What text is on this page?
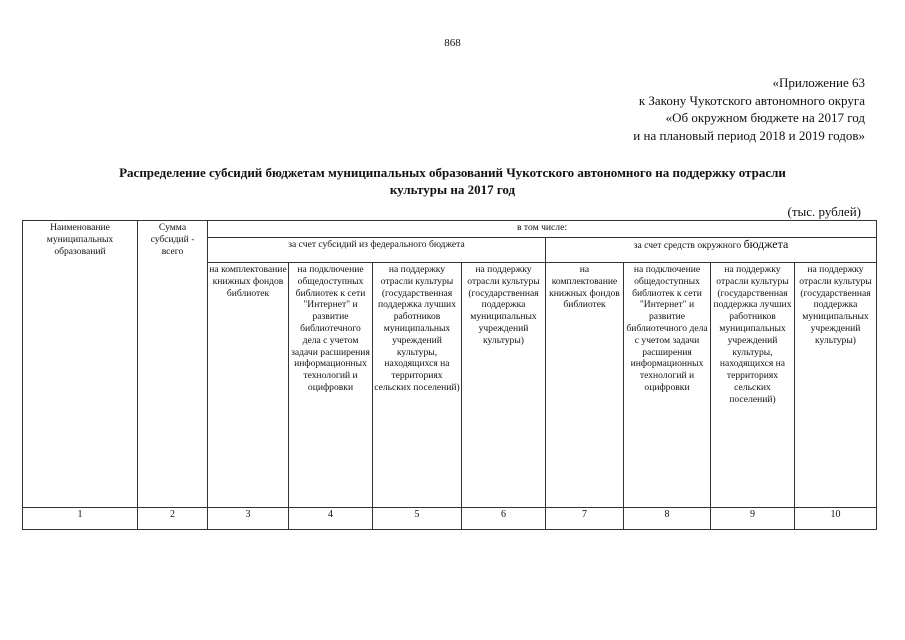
868
«Приложение 63
к Закону Чукотского автономного округа
«Об окружном бюджете на 2017 год
и на плановый период 2018 и 2019 годов»
Распределение субсидий бюджетам муниципальных образований Чукотского автономного на поддержку отрасли
культуры на 2017 год
(тыс. рублей)
Наименование муниципальных образований	Сумма субсидий - всего	в том числе:							
		за счет субсидий из федерального бюджета				за счет средств окружного бюджета			
		на комплектование книжных фондов библиотек	на подключение общедоступных библиотек к сети "Интернет" и развитие библиотечного дела с учетом задачи расширения информационных технологий и оцифровки	на поддержку отрасли культуры (государственная поддержка лучших работников муниципальных учреждений культуры, находящихся на территориях сельских поселений)	на поддержку отрасли культуры (государственная поддержка муниципальных учреждений культуры)	на комплектование книжных фондов библиотек	на подключение общедоступных библиотек к сети "Интернет" и развитие библиотечного дела с учетом задачи расширения информационных технологий и оцифровки	на поддержку отрасли культуры (государственная поддержка лучших работников муниципальных учреждений культуры, находящихся на территориях сельских поселений)	на поддержку отрасли культуры (государственная поддержка муниципальных учреждений культуры)
1	2	3	4	5	6	7	8	9	10
